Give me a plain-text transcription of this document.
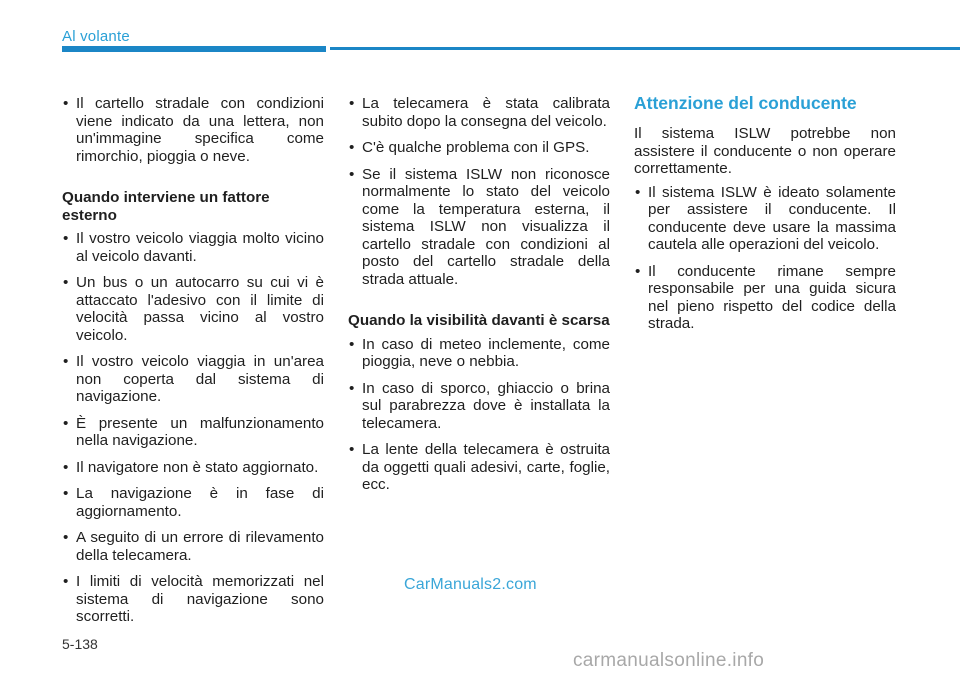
Al volante
• Il cartello stradale con condizioni viene indicato da una lettera, non un'immagine specifica come rimorchio, pioggia o neve.
Quando interviene un fattore esterno
• Il vostro veicolo viaggia molto vicino al veicolo davanti.
• Un bus o un autocarro su cui vi è attaccato l'adesivo con il limite di velocità passa vicino al vostro veicolo.
• Il vostro veicolo viaggia in un'area non coperta dal sistema di navigazione.
• È presente un malfunzionamento nella navigazione.
• Il navigatore non è stato aggiornato.
• La navigazione è in fase di aggiornamento.
• A seguito di un errore di rilevamento della telecamera.
• I limiti di velocità memorizzati nel sistema di navigazione sono scorretti.
• La telecamera è stata calibrata subito dopo la consegna del veicolo.
• C'è qualche problema con il GPS.
• Se il sistema ISLW non riconosce normalmente lo stato del veicolo come la temperatura esterna, il sistema ISLW non visualizza il cartello stradale con condizioni al posto del cartello stradale della strada attuale.
Quando la visibilità davanti è scarsa
• In caso di meteo inclemente, come pioggia, neve o nebbia.
• In caso di sporco, ghiaccio o brina sul parabrezza dove è installata la telecamera.
• La lente della telecamera è ostruita da oggetti quali adesivi, carte, foglie, ecc.
Attenzione del conducente
Il sistema ISLW potrebbe non assistere il conducente o non operare correttamente.
• Il sistema ISLW è ideato solamente per assistere il conducente. Il conducente deve usare la massima cautela alle operazioni del veicolo.
• Il conducente rimane sempre responsabile per una guida sicura nel pieno rispetto del codice della strada.
CarManuals2.com
5-138
carmanualsonline.info
